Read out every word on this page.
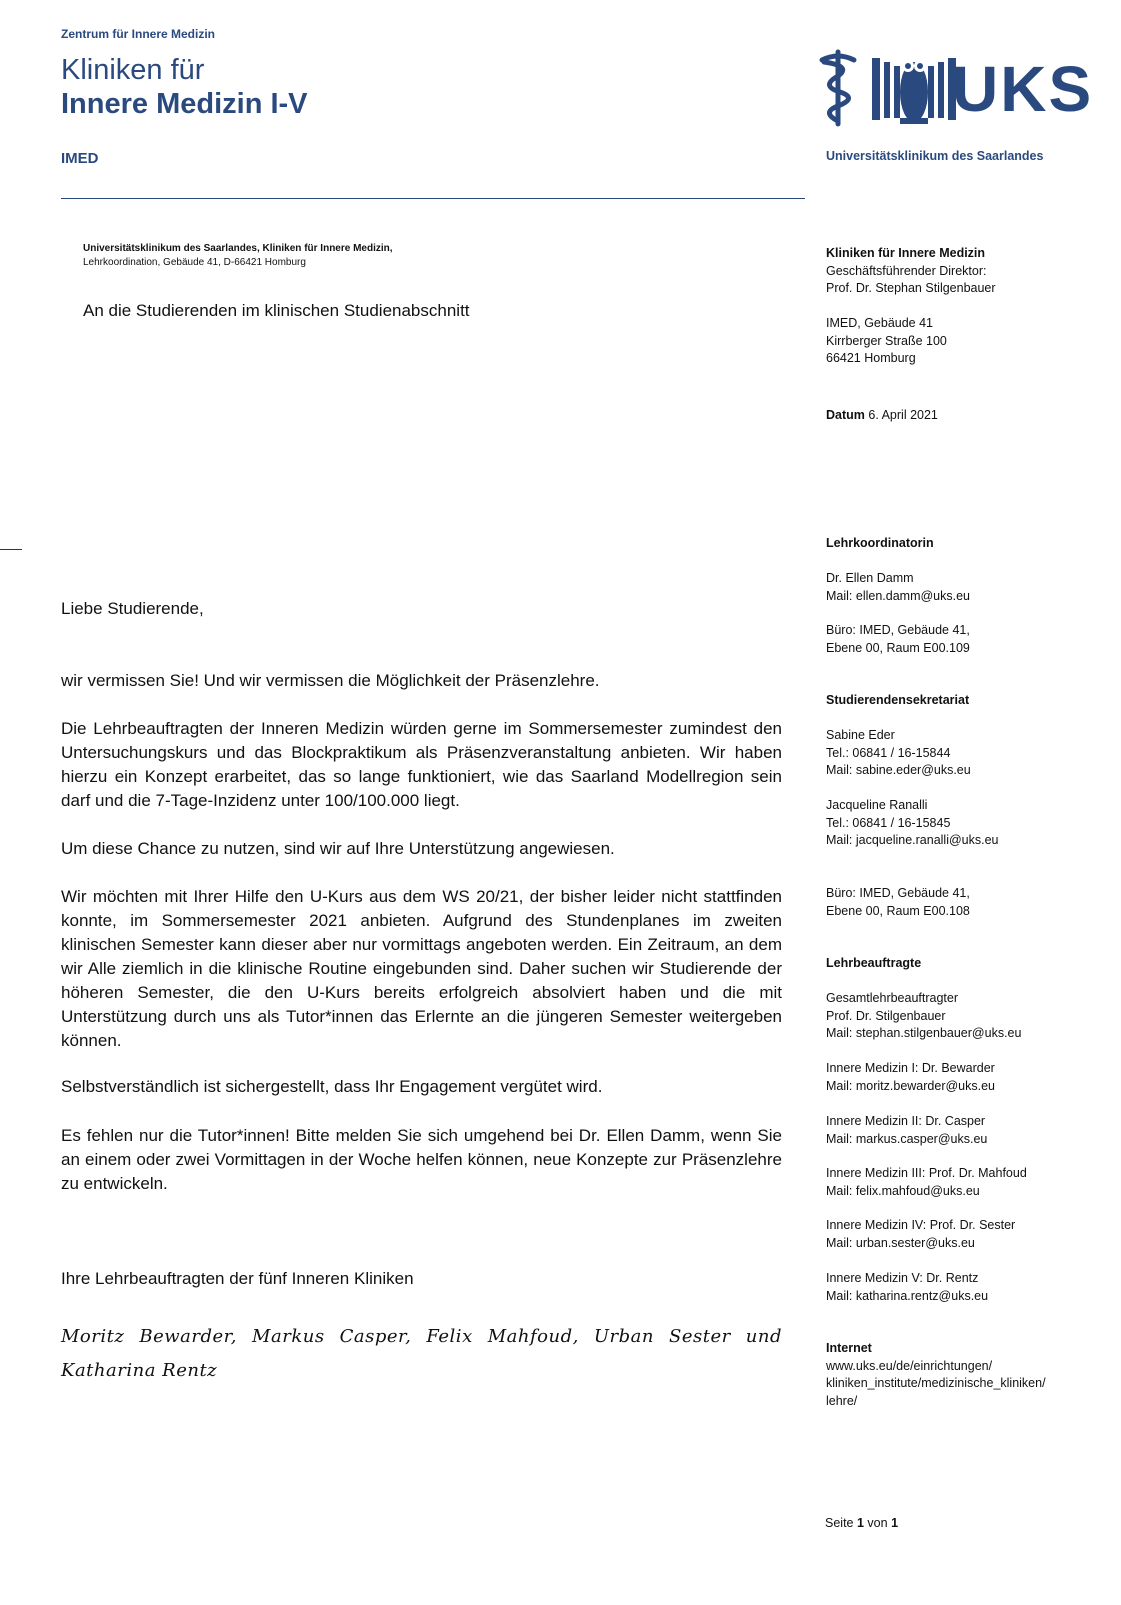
Zentrum für Innere Medizin
Kliniken für
Innere Medizin I-V
IMED
UKS
Universitätsklinikum des Saarlandes
Universitätsklinikum des Saarlandes, Kliniken für Innere Medizin,
Lehrkoordination, Gebäude 41, D-66421 Homburg
An die Studierenden im klinischen Studienabschnitt
Kliniken für Innere Medizin
Geschäftsführender Direktor:
Prof. Dr. Stephan Stilgenbauer
IMED, Gebäude 41
Kirrberger Straße 100
66421 Homburg
Datum 6. April 2021
Lehrkoordinatorin
Dr. Ellen Damm
Mail: ellen.damm@uks.eu
Büro: IMED, Gebäude 41,
Ebene 00, Raum E00.109
Studierendensekretariat
Sabine Eder
Tel.: 06841 / 16-15844
Mail: sabine.eder@uks.eu
Jacqueline Ranalli
Tel.: 06841 / 16-15845
Mail: jacqueline.ranalli@uks.eu
Büro: IMED, Gebäude 41,
Ebene 00, Raum E00.108
Lehrbeauftragte
Gesamtlehrbeauftragter
Prof. Dr. Stilgenbauer
Mail: stephan.stilgenbauer@uks.eu
Innere Medizin I: Dr. Bewarder
Mail: moritz.bewarder@uks.eu
Innere Medizin II: Dr. Casper
Mail: markus.casper@uks.eu
Innere Medizin III: Prof. Dr. Mahfoud
Mail: felix.mahfoud@uks.eu
Innere Medizin IV: Prof. Dr. Sester
Mail: urban.sester@uks.eu
Innere Medizin V: Dr. Rentz
Mail: katharina.rentz@uks.eu
Internet
www.uks.eu/de/einrichtungen/
kliniken_institute/medizinische_kliniken/
lehre/
Liebe Studierende,
wir vermissen Sie! Und wir vermissen die Möglichkeit der Präsenzlehre.
Die Lehrbeauftragten der Inneren Medizin würden gerne im Sommersemester zumindest den Untersuchungskurs und das Blockpraktikum als Präsenzveranstaltung anbieten. Wir haben hierzu ein Konzept erarbeitet, das so lange funktioniert, wie das Saarland Modellregion sein darf und die 7-Tage-Inzidenz unter 100/100.000 liegt.
Um diese Chance zu nutzen, sind wir auf Ihre Unterstützung angewiesen.
Wir möchten mit Ihrer Hilfe den U-Kurs aus dem WS 20/21, der bisher leider nicht stattfinden konnte, im Sommersemester 2021 anbieten. Aufgrund des Stundenplanes im zweiten klinischen Semester kann dieser aber nur vormittags angeboten werden. Ein Zeitraum, an dem wir Alle ziemlich in die klinische Routine eingebunden sind. Daher suchen wir Studierende der höheren Semester, die den U-Kurs bereits erfolgreich absolviert haben und die mit Unterstützung durch uns als Tutor*innen das Erlernte an die jüngeren Semester weitergeben können.
Selbstverständlich ist sichergestellt, dass Ihr Engagement vergütet wird.
Es fehlen nur die Tutor*innen! Bitte melden Sie sich umgehend bei Dr. Ellen Damm, wenn Sie an einem oder zwei Vormittagen in der Woche helfen können, neue Konzepte zur Präsenzlehre zu entwickeln.
Ihre Lehrbeauftragten der fünf Inneren Kliniken
Moritz Bewarder, Markus Casper, Felix Mahfoud, Urban Sester und Katharina Rentz
Seite 1 von 1
